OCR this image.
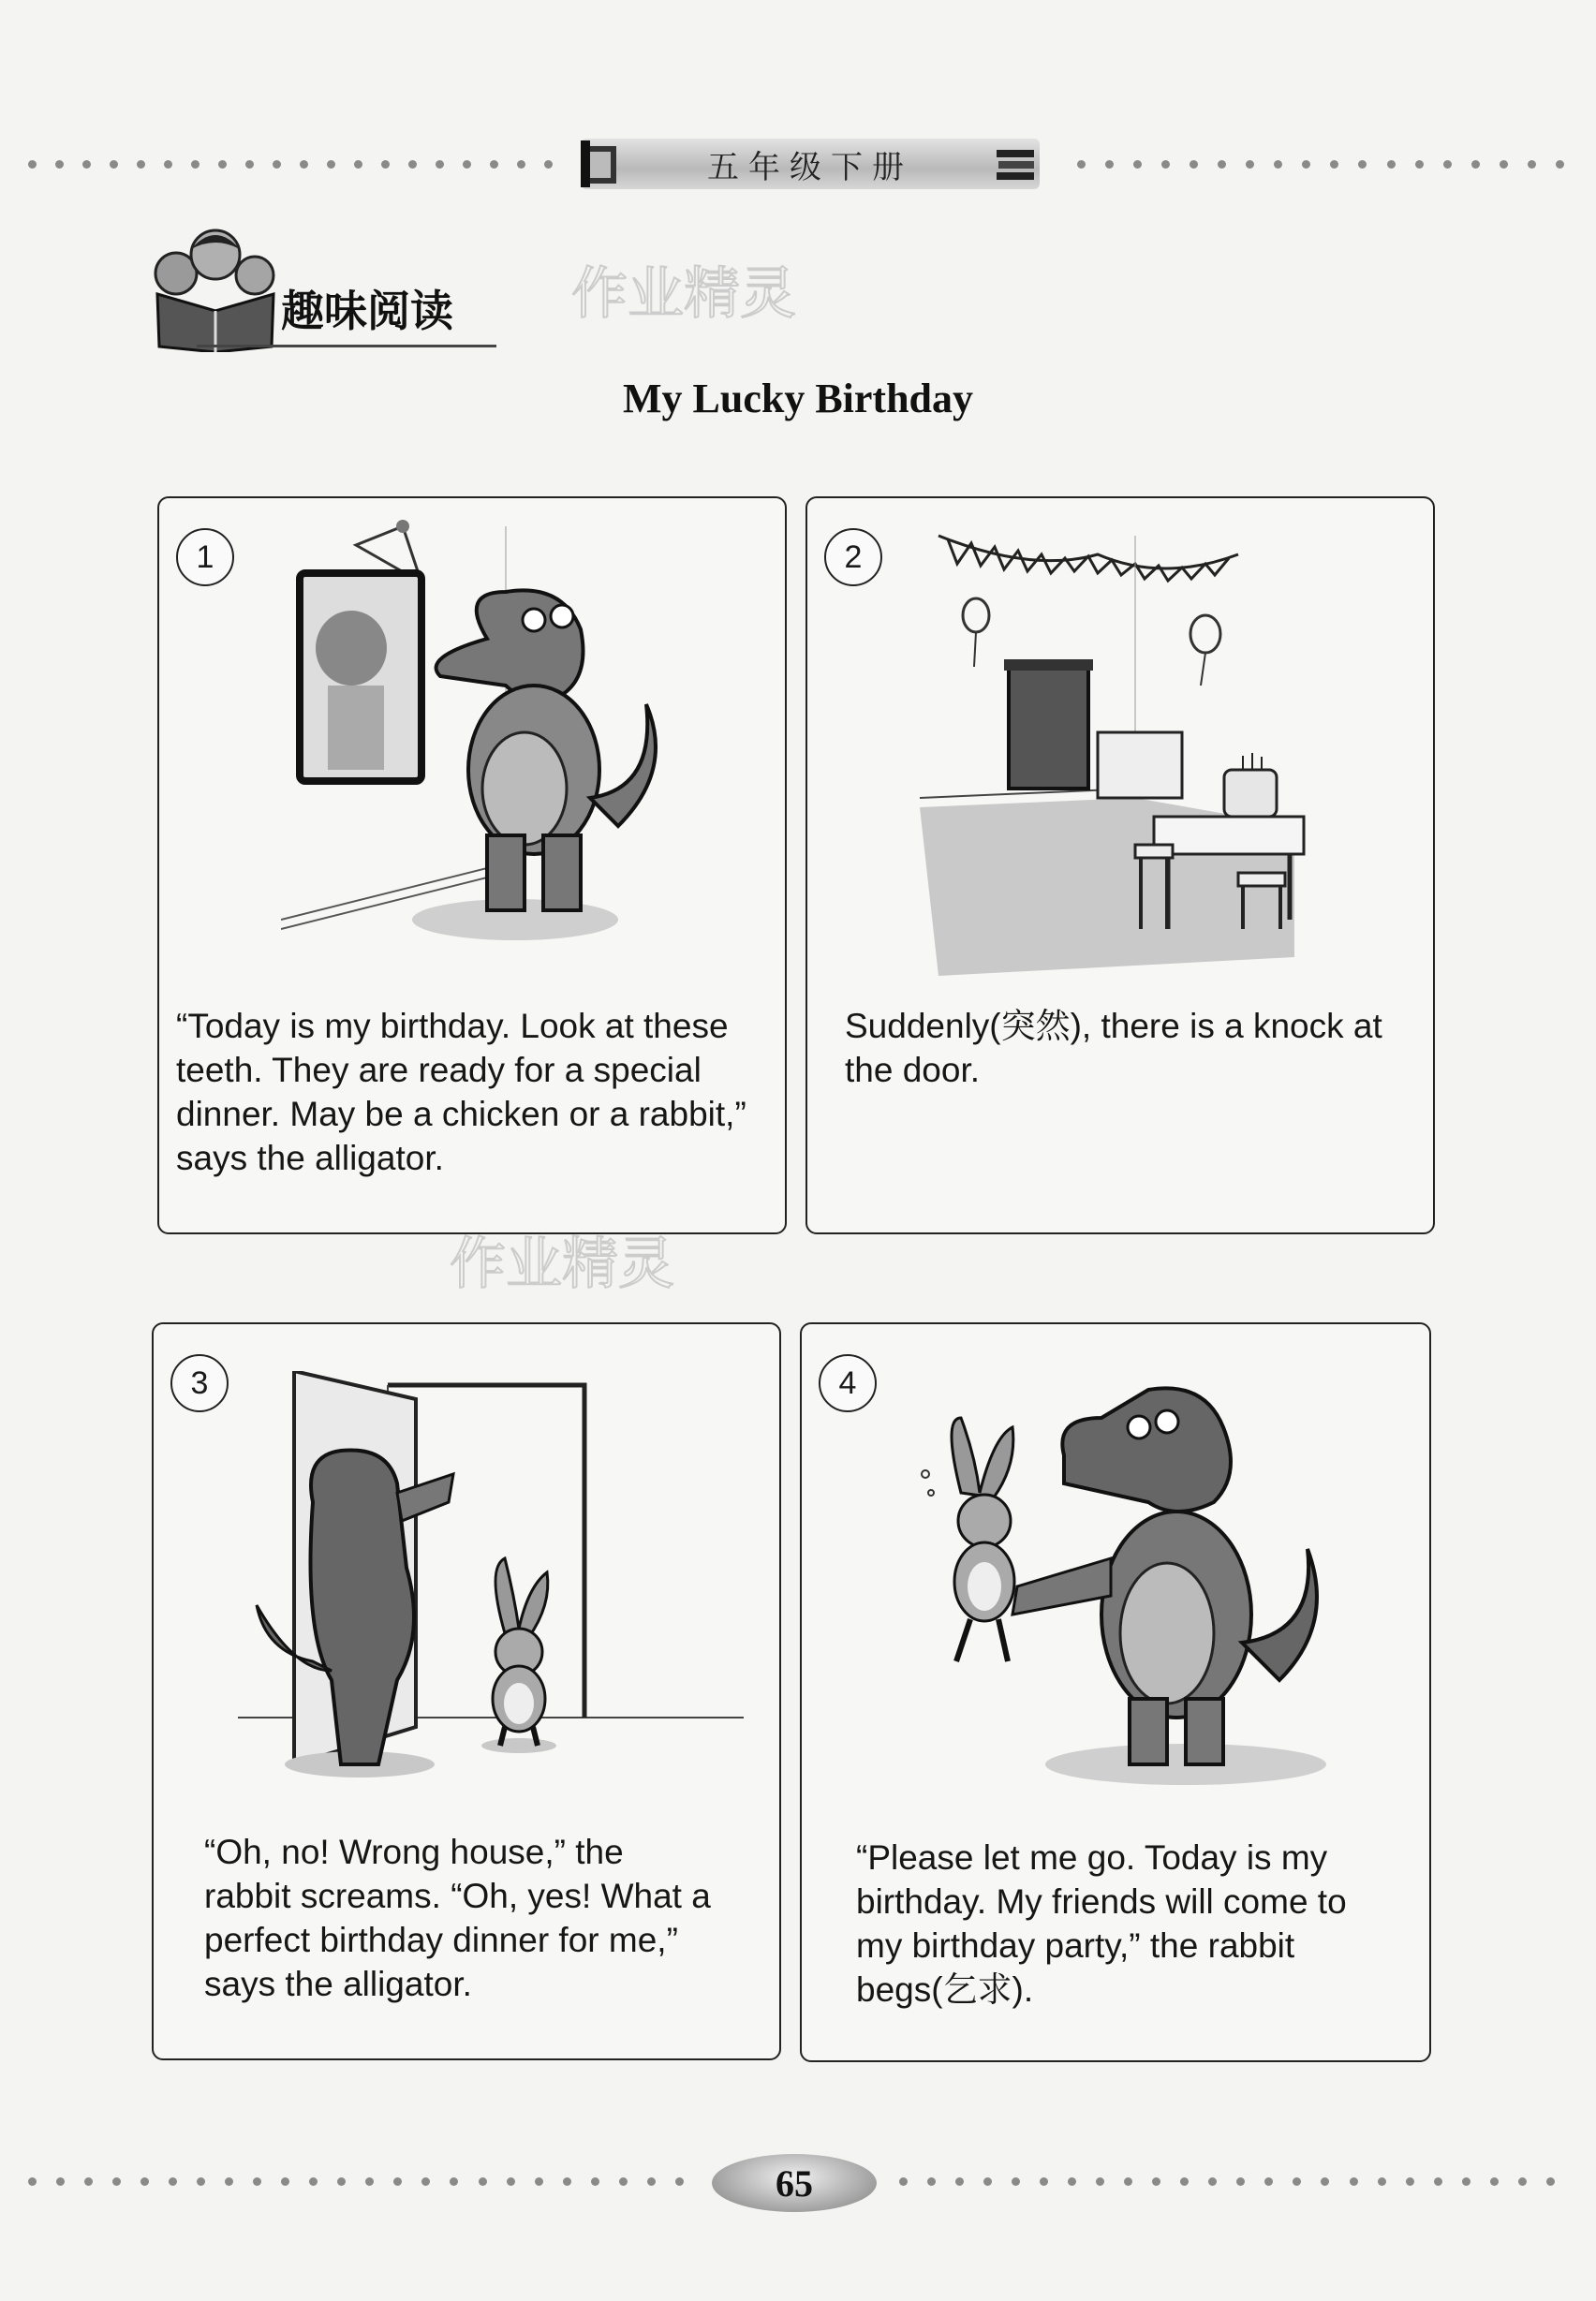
五年级下册
趣味阅读 作业精灵
My Lucky Birthday
1

“Today is my birthday. Look at these

teeth. They are ready for a special

dinner. May be a chicken or a rabbit,”

says the alligator.

2

Suddenly(突然), there is a knock at

the door.

作业精灵
3

“Oh, no! Wrong house,” the

rabbit screams. “Oh, yes! What a

perfect birthday dinner for me,”

says the alligator.

4

“Please let me go. Today is my

birthday. My friends will come to

my birthday party,” the rabbit

begs(乞求).

65
